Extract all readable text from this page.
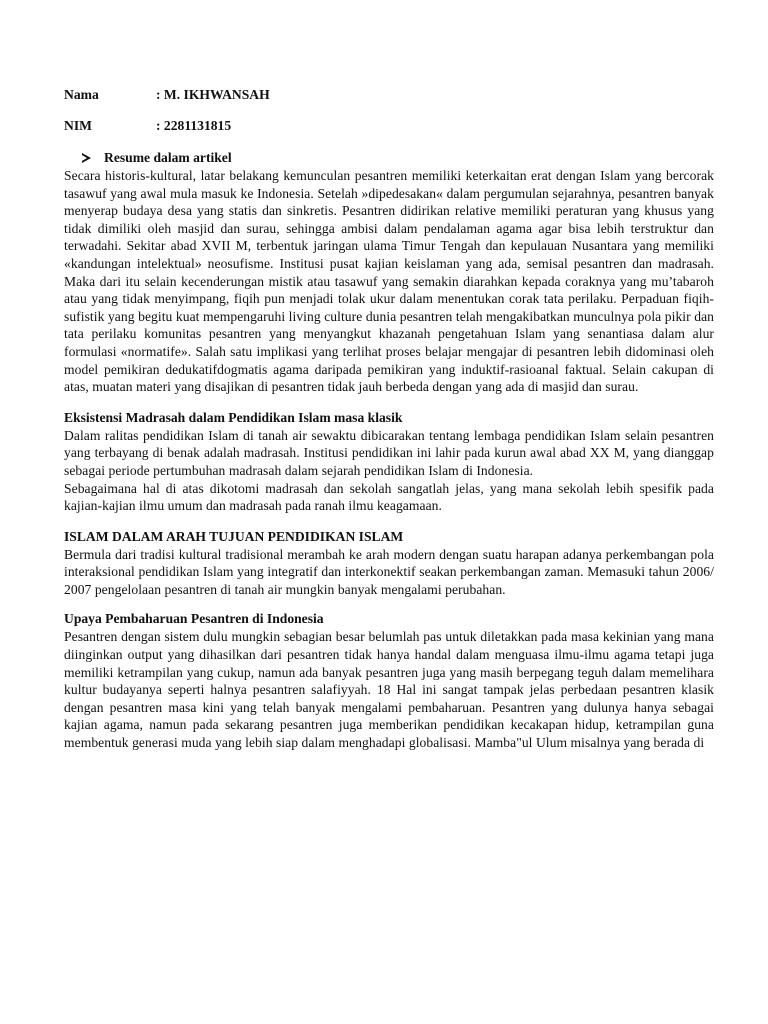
Nama	: M. IKHWANSAH
NIM	: 2281131815
Resume dalam artikel

Secara historis-kultural, latar belakang kemunculan pesantren memiliki keterkaitan erat dengan Islam yang bercorak tasawuf yang awal mula masuk ke Indonesia. Setelah »dipedesakan« dalam pergumulan sejarahnya, pesantren banyak menyerap budaya desa yang statis dan sinkretis. Pesantren didirikan relative memiliki peraturan yang khusus yang tidak dimiliki oleh masjid dan surau, sehingga ambisi dalam pendalaman agama agar bisa lebih terstruktur dan terwadahi. Sekitar abad XVII M, terbentuk jaringan ulama Timur Tengah dan kepulauan Nusantara yang memiliki «kandungan intelektual» neosufisme. Institusi pusat kajian keislaman yang ada, semisal pesantren dan madrasah. Maka dari itu selain kecenderungan mistik atau tasawuf yang semakin diarahkan kepada coraknya yang mu’tabaroh atau yang tidak menyimpang, fiqih pun menjadi tolak ukur dalam menentukan corak tata perilaku. Perpaduan fiqih-sufistik yang begitu kuat mempengaruhi living culture dunia pesantren telah mengakibatkan munculnya pola pikir dan tata perilaku komunitas pesantren yang menyangkut khazanah pengetahuan Islam yang senantiasa dalam alur formulasi «normatife». Salah satu implikasi yang terlihat proses belajar mengajar di pesantren lebih didominasi oleh model pemikiran dedukatifdogmatis agama daripada pemikiran yang induktif-rasioanal faktual. Selain cakupan di atas, muatan materi yang disajikan di pesantren tidak jauh berbeda dengan yang ada di masjid dan surau.

Eksistensi Madrasah dalam Pendidikan Islam masa klasik

Dalam ralitas pendidikan Islam di tanah air sewaktu dibicarakan tentang lembaga pendidikan Islam selain pesantren yang terbayang di benak adalah madrasah. Institusi pendidikan ini lahir pada kurun awal abad XX M, yang dianggap sebagai periode pertumbuhan madrasah dalam sejarah pendidikan Islam di Indonesia.

Sebagaimana hal di atas dikotomi madrasah dan sekolah sangatlah jelas, yang mana sekolah lebih spesifik pada kajian-kajian ilmu umum dan madrasah pada ranah ilmu keagamaan.

ISLAM DALAM ARAH TUJUAN PENDIDIKAN ISLAM

Bermula dari tradisi kultural tradisional merambah ke arah modern dengan suatu harapan adanya perkembangan pola interaksional pendidikan Islam yang integratif dan interkonektif seakan perkembangan zaman. Memasuki tahun 2006/ 2007 pengelolaan pesantren di tanah air mungkin banyak mengalami perubahan.

Upaya Pembaharuan Pesantren di Indonesia

Pesantren dengan sistem dulu mungkin sebagian besar belumlah pas untuk diletakkan pada masa kekinian yang mana diinginkan output yang dihasilkan dari pesantren tidak hanya handal dalam menguasa ilmu-ilmu agama tetapi juga memiliki ketrampilan yang cukup, namun ada banyak pesantren juga yang masih berpegang teguh dalam memelihara kultur budayanya seperti halnya pesantren salafiyyah. 18 Hal ini sangat tampak jelas perbedaan pesantren klasik dengan pesantren masa kini yang telah banyak mengalami pembaharuan. Pesantren yang dulunya hanya sebagai kajian agama, namun pada sekarang pesantren juga memberikan pendidikan kecakapan hidup, ketrampilan guna membentuk generasi muda yang lebih siap dalam menghadapi globalisasi. Mamba"ul Ulum misalnya yang berada di
